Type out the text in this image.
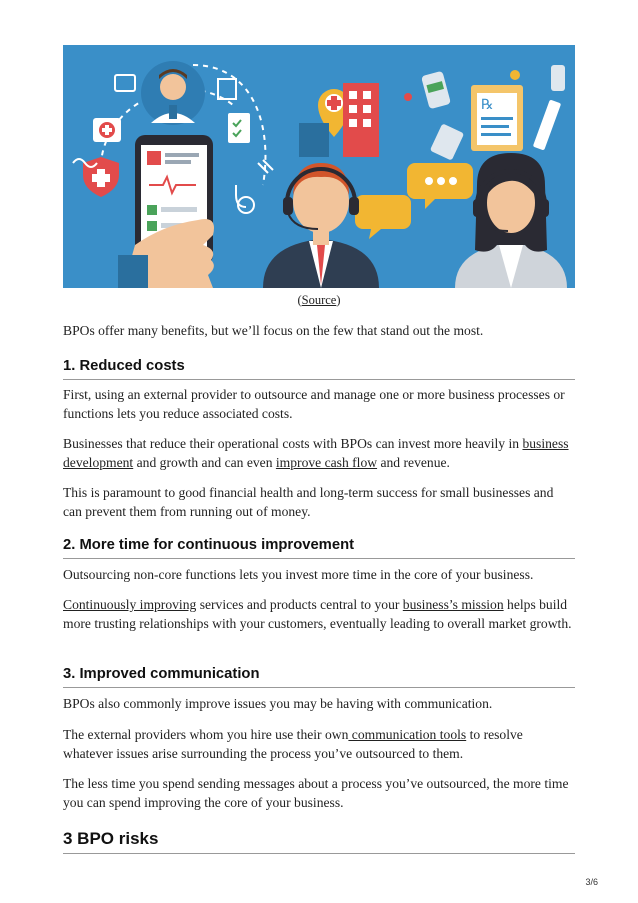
℞
(Source)

BPOs offer many benefits, but we’ll focus on the few that stand out the most.

1. Reduced costs

First, using an external provider to outsource and manage one or more business processes or functions lets you reduce associated costs.

Businesses that reduce their operational costs with BPOs can invest more heavily in business development and growth and can even improve cash flow and revenue.

This is paramount to good financial health and long-term success for small businesses and can prevent them from running out of money.

2. More time for continuous improvement

Outsourcing non-core functions lets you invest more time in the core of your business.

Continuously improving services and products central to your business’s mission helps build more trusting relationships with your customers, eventually leading to overall market growth.

3. Improved communication

BPOs also commonly improve issues you may be having with communication.

The external providers whom you hire use their own communication tools to resolve whatever issues arise surrounding the process you’ve outsourced to them.

The less time you spend sending messages about a process you’ve outsourced, the more time you can spend improving the core of your business.

3 BPO risks
3/6
